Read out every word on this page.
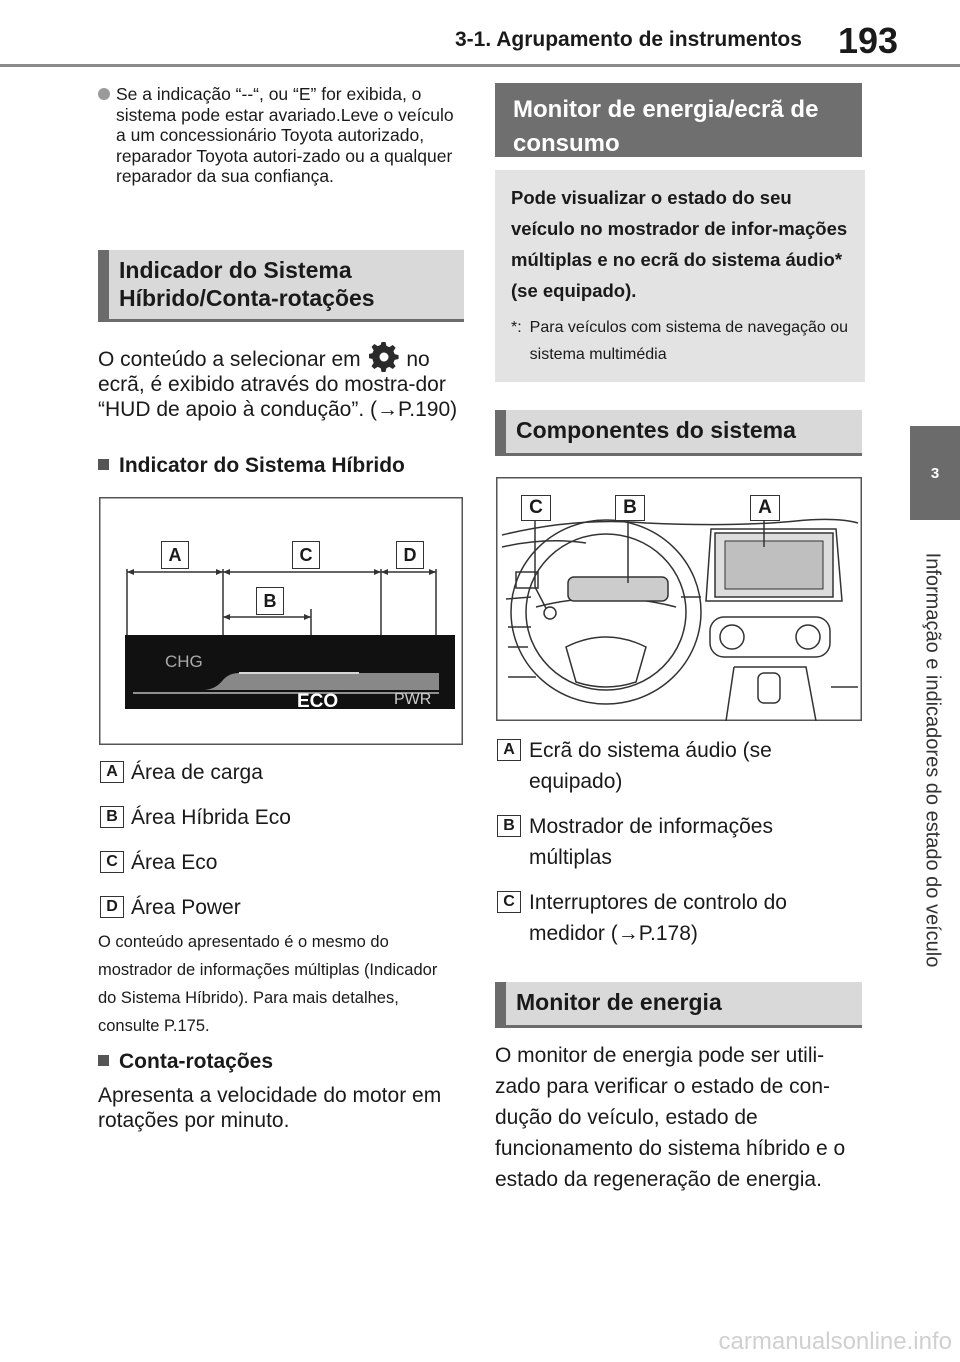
3-1. Agrupamento de instrumentos 193
3
Informação e indicadores do estado do veículo
Se a indicação “--“, ou “E” for exibida, o sistema pode estar avariado.Leve o veículo a um concessionário Toyota autorizado, reparador Toyota autori-zado ou a qualquer reparador da sua confiança.
Indicador do Sistema Híbrido/Conta-rotações
O conteúdo a selecionar em no ecrã, é exibido através do mostra-dor “HUD de apoio à condução”. (→P.190)
Indicator do Sistema Híbrido
CHG
ECO	PWR
A	C	D
B
A Área de carga
B Área Híbrida Eco
C Área Eco
D Área Power
O conteúdo apresentado é o mesmo do mostrador de informações múltiplas (Indicador do Sistema Híbrido). Para mais detalhes, consulte P.175.
Conta-rotações
Apresenta a velocidade do motor em rotações por minuto.
Monitor de energia/ecrã de consumo
Pode visualizar o estado do seu veículo no mostrador de infor-mações múltiplas e no ecrã do sistema áudio* (se equipado).
*: Para veículos com sistema de navegação ou sistema multimédia
Componentes do sistema
C	B	A
A Ecrã do sistema áudio (se equipado)
B Mostrador de informações múltiplas
C Interruptores de controlo do medidor (→P.178)
Monitor de energia
O monitor de energia pode ser utili-zado para verificar o estado de con-dução do veículo, estado de funcionamento do sistema híbrido e o estado da regeneração de energia.
carmanualsonline.info
